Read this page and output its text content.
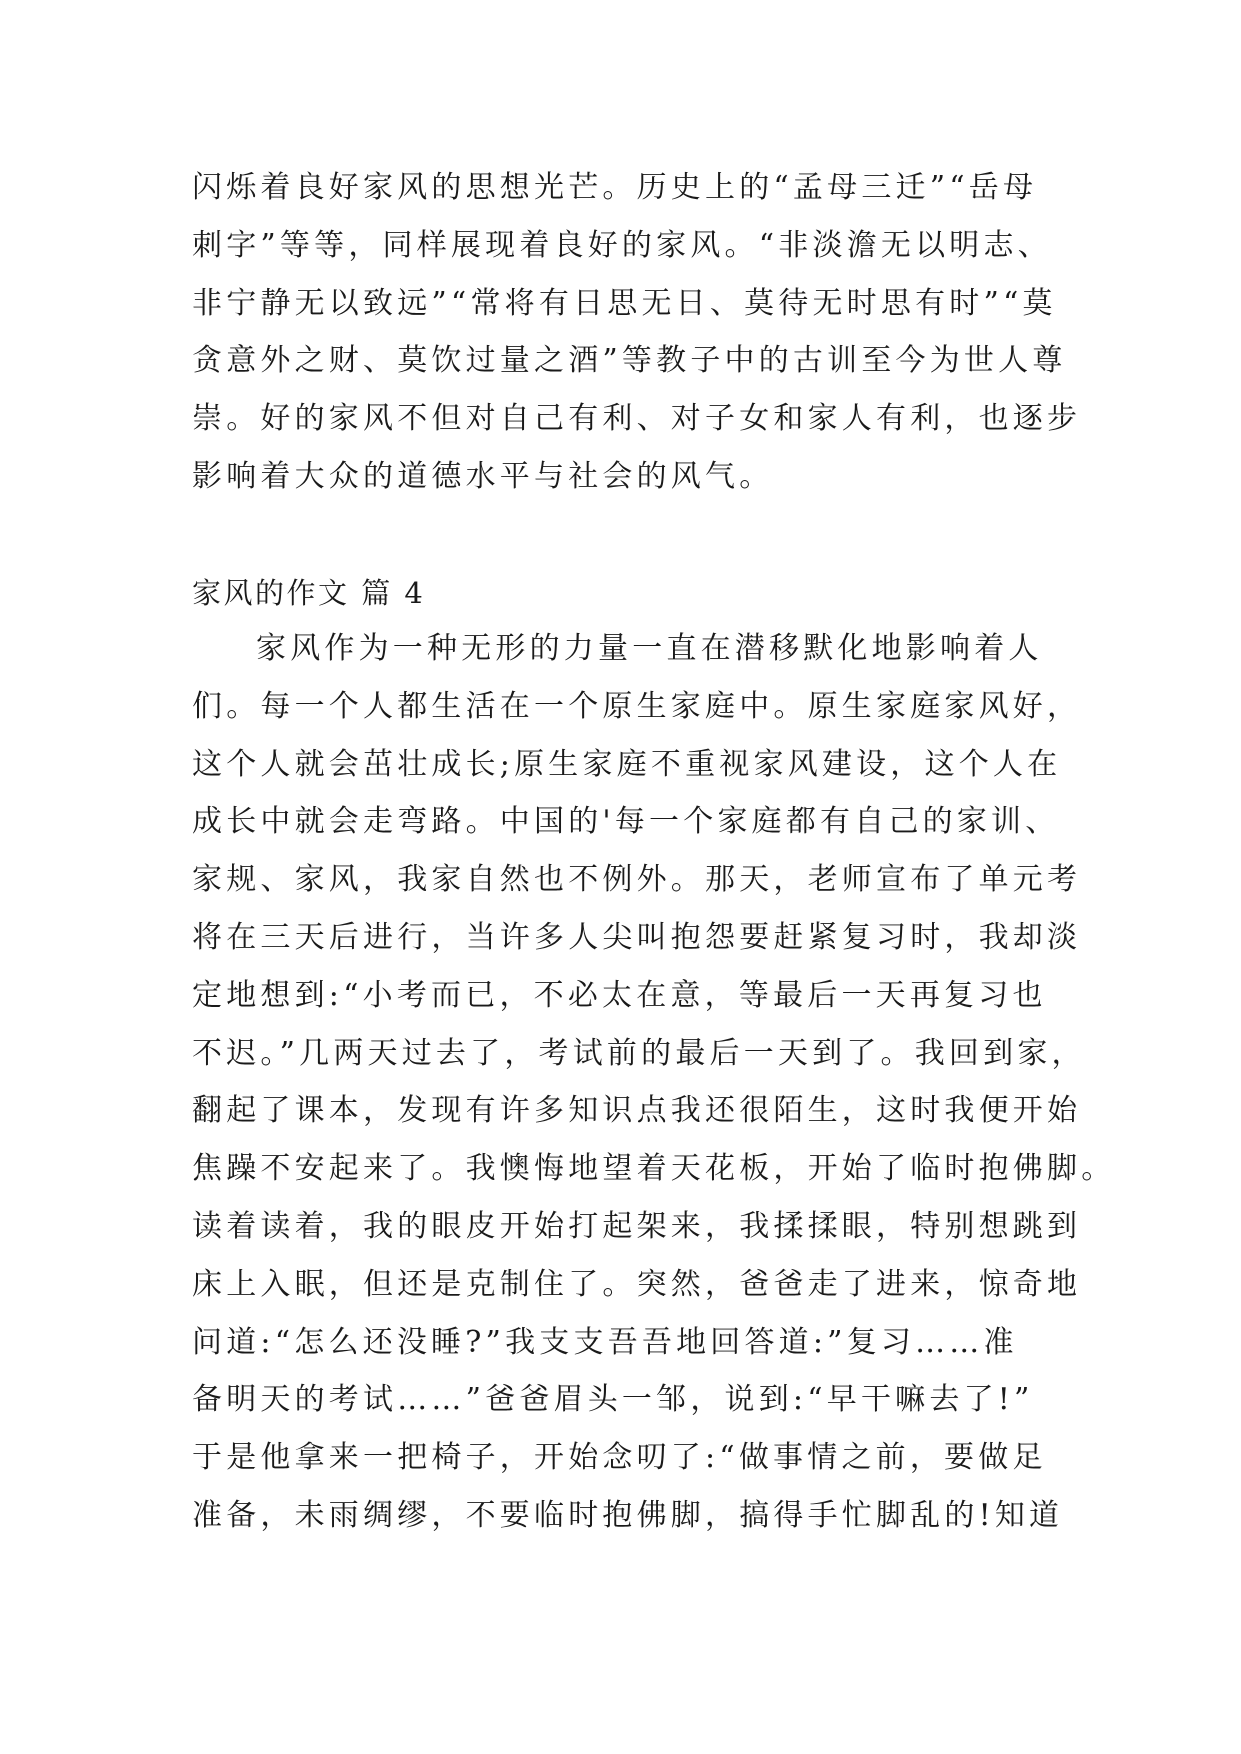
闪烁着良好家风的思想光芒。历史上的“孟母三迁”“岳母
刺字”等等，同样展现着良好的家风。“非淡澹无以明志、
非宁静无以致远”“常将有日思无日、莫待无时思有时”“莫
贪意外之财、莫饮过量之酒”等教子中的古训至今为世人尊
崇。好的家风不但对自己有利、对子女和家人有利，也逐步
影响着大众的道德水平与社会的风气。
家风的作文 篇 4
家风作为一种无形的力量一直在潜移默化地影响着人
们。每一个人都生活在一个原生家庭中。原生家庭家风好，
这个人就会茁壮成长;原生家庭不重视家风建设，这个人在
成长中就会走弯路。中国的'每一个家庭都有自己的家训、
家规、家风，我家自然也不例外。那天，老师宣布了单元考
将在三天后进行，当许多人尖叫抱怨要赶紧复习时，我却淡
定地想到:“小考而已，不必太在意，等最后一天再复习也
不迟。”几两天过去了，考试前的最后一天到了。我回到家，
翻起了课本，发现有许多知识点我还很陌生，这时我便开始
焦躁不安起来了。我懊悔地望着天花板，开始了临时抱佛脚。
读着读着，我的眼皮开始打起架来，我揉揉眼，特别想跳到
床上入眠，但还是克制住了。突然，爸爸走了进来，惊奇地
问道:“怎么还没睡?”我支支吾吾地回答道:”复习……准
备明天的考试……”爸爸眉头一邹，说到:“早干嘛去了!”
于是他拿来一把椅子，开始念叨了:“做事情之前，要做足
准备，未雨绸缪，不要临时抱佛脚，搞得手忙脚乱的!知道
